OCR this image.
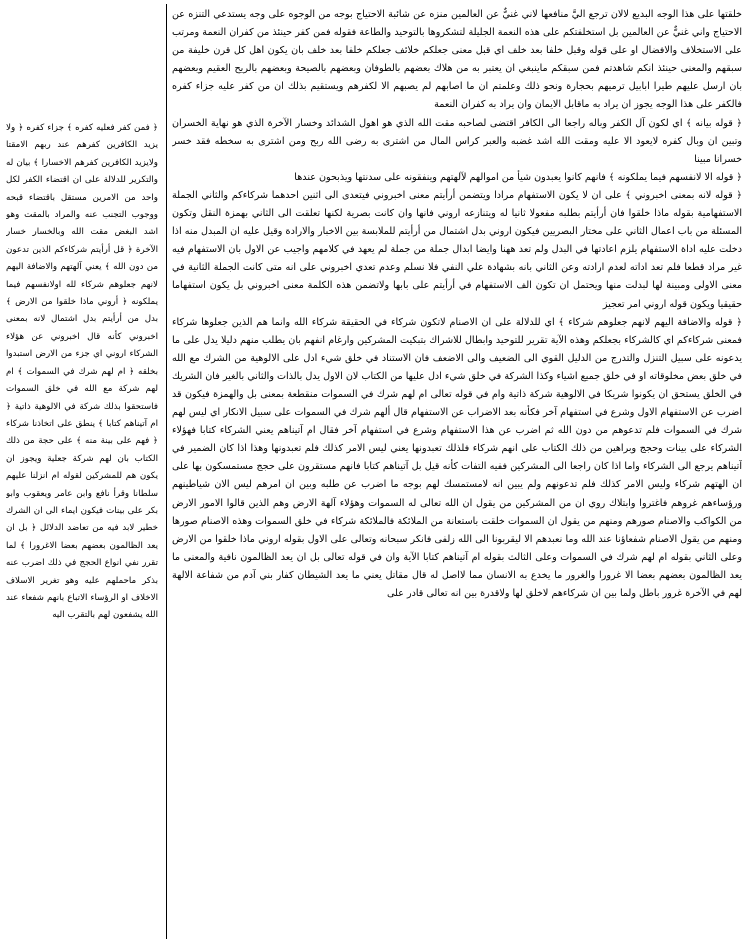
خلقتها على هذا الوجه البديع لالان ترجع اليَّ منافعها لاني غنيٌّ عن العالمين منزه عن شائبة الاحتياج بوجه من الوجوه على وجه يستدعي التنزه عن الاحتياج واني غنيٌّ عن العالمين بل استخلفتكم على هذه النعمة الجليلة لتشكروها بالتوحيد والطاعة فقوله فمن كفر حينئذ من كفران النعمة ومرتب على الاستخلاف والافضال او على قوله وقبل خلفا بعد خلف اي قبل معنى جعلكم خلائف جعلكم خلفا بعد خلف بان يكون اهل كل قرن خليفة من سبقهم والمعنى حينئذ انكم شاهدتم فمن سبقكم ماينبغي ان يعتبر به من هلاك بعضهم بالطوفان وبعضهم بالصيحة وبعضهم بالريح العقيم وبعضهم بان ارسل عليهم طيرا ابابيل ترميهم بحجارة ونحو ذلك وعلمتم ان ما اصابهم لم يصبهم الا لكفرهم ويستقيم بذلك ان من كفر عليه جزاء كفره فالكفر على هذا الوجه يجوز ان يراد به ماقابل الايمان وان يراد به كفران النعمة

﴿ قوله بيانه ﴾ اي لكون آل الكفر وباله راجعا الى الكافر اقتضى لصاحبه مقت الله الذي هو اهول الشدائد وخسار الآخرة الذي هو نهاية الخسران وتبين ان وبال كفره لايعود الا عليه ومقت الله اشد غضبه والعبر كراس المال من اشترى به رضى الله ربح ومن اشترى به سخطه فقد خسر خسرانا مبينا

﴿ قوله الا لانفسهم فيما يملكونه ﴾ فانهم كانوا يعبدون شيأ من اموالهم لآلهتهم وينفقونه على سدنتها ويذبحون عندها

﴿ قوله لانه بمعنى اخبروني ﴾ على ان لا يكون الاستفهام مرادا ويتضمن أرأيتم معنى اخبروني فيتعدى الى اثنين احدهما شركاءكم والثاني الجملة الاستفهامية بقوله ماذا خلقوا فان أرأيتم بطلبه مفعولا ثانيا له ويتنازعه اروني فانها وان كانت بصرية لكنها تعلقت الى الثاني بهمزة النقل وتكون المسئلة من باب اعمال الثاني على مختار البصريين فيكون اروني بدل اشتمال من أرأيتم للملابسة بين الاخبار والارادة وقيل عليه ان المبدل منه اذا دخلت عليه اداة الاستفهام يلزم اعادتها في البدل ولم تعد ههنا وايضا ابدال جملة من جملة لم يعهد في كلامهم واجيب عن الاول بان الاستفهام فيه غير مراد قطعا فلم تعد اداته لعدم ارادته وعن الثاني بانه بشهادة علي النفي فلا نسلم وعدم تعدي اخبروني على انه متى كانت الجملة الثانية في معنى الاولى ومبينة لها لبدلت منها ويحتمل ان تكون الف الاستفهام في أرأيتم على بابها ولاتضمن هذه الكلمة معنى اخبروني بل يكون استفهاما حقيقيا ويكون قوله اروني امر تعجيز

﴿ قوله والاضافة اليهم لانهم جعلوهم شركاء ﴾ اي للدلالة على ان الاصنام لاتكون شركاء في الحقيقة شركاء الله وانما هم الذين جعلوها شركاء فمعنى شركاءكم اي كالشركاء بجعلكم وهذه الآية تقرير للتوحيد وابطال للاشراك بتبكيت المشركين وارغام انفهم بان يطلب منهم دليلا يدل على ما يدعونه على سبيل التنزل والتدرج من الدليل القوي الى الضعيف والى الاضعف فان الاستناد في خلق شيء ادل على الالوهية من الشرك مع الله في خلق بعض مخلوقاته او في خلق جميع اشياء وكذا الشركة في خلق شيء ادل عليها من الكتاب لان الاول يدل بالذات والثاني بالغير فان الشريك في الخلق يستحق ان يكونوا شريكا في الالوهية شركة ذاتية وام في قوله تعالى ام لهم شرك في السموات منقطعة بمعنى بل والهمزة فيكون قد اضرب عن الاستفهام الاول وشرع في استفهام آخر فكأنه بعد الاضراب عن الاستفهام قال ألهم شرك في السموات على سبيل الانكار اي ليس لهم شرك في السموات فلم تدعوهم من دون الله ثم اضرب عن هذا الاستفهام وشرع في استفهام آخر فقال ام آتيناهم يعني الشركاء كتابا فهؤلاء الشركاء على بينات وحجج وبراهين من ذلك الكتاب على انهم شركاء فلذلك تعبدونها يعني ليس الامر كذلك فلم تعبدونها وهذا اذا كان الضمير في آتيناهم يرجع الى الشركاء واما اذا كان راجعا الى المشركين ففيه التفات كأنه قيل بل آتيناهم كتابا فانهم مستقرون على حجج مستمسكون بها على ان الهتهم شركاء وليس الامر كذلك فلم تدعونهم ولم يبين انه لامستمسك لهم بوجه ما اضرب عن طلبه وبين ان امرهم ليس الان شياطينهم ورؤساءهم غروهم فاغتروا وابتلاك روي ان من المشركين من يقول ان الله تعالى له السموات وهؤلاء آلهة الارض وهم الذين قالوا الامور الارض من الكواكب والاصنام صورهم ومنهم من يقول ان السموات خلقت باستعانة من الملائكة فالملائكة شركاء في خلق السموات وهذه الاصنام صورها ومنهم من يقول الاصنام شفعاؤنا عند الله وما نعبدهم الا ليقربونا الى الله زلفى فانكر سبحانه وتعالى على الاول بقوله اروني ماذا خلقوا من الارض وعلى الثاني بقوله ام لهم شرك في السموات وعلى الثالث بقوله ام آتيناهم كتابا الآية وان في قوله تعالى بل ان يعد الظالمون نافية والمعنى ما يعد الظالمون بعضهم بعضا الا غرورا والغرور ما يخدع به الانسان مما لااصل له قال مقاتل يعني ما يعد الشيطان كفار بني آدم من شفاعة الالهة لهم في الآخرة غرور باطل ولما بين ان شركاءهم لاخلق لها ولاقدرة بين انه تعالى قادر على

﴿ فمن كفر فعليه كفره ﴾ جزاء كفره ﴿ ولا يزيد الكافرين كفرهم عند ربهم الامقتا ولايزيد الكافرين كفرهم الاخسارا ﴾ بيان له والتكرير للدلالة على ان اقتضاء الكفر لكل واحد من الامرين مستقل باقتضاء قبحه ووجوب التجنب عنه والمراد بالمقت وهو اشد البغض مقت الله وبالخسار خسار الآخرة ﴿ قل أرأيتم شركاءكم الذين تدعون من دون الله ﴾ يعني آلهتهم والاضافة اليهم لانهم جعلوهم شركاء لله اولانفسهم فيما يملكونه ﴿ أروني ماذا خلقوا من الارض ﴾ بدل من أرأيتم بدل اشتمال لانه بمعنى اخبروني كأنه قال اخبروني عن هؤلاء الشركاء اروني اي جزء من الارض استبدوا بخلقه ﴿ ام لهم شرك في السموات ﴾ ام لهم شركة مع الله في خلق السموات فاستحقوا بذلك شركة في الالوهية ذاتية ﴿ ام آتيناهم كتابا ﴾ ينطق على اتخاذنا شركاء ﴿ فهم على بينة منه ﴾ على حجة من ذلك الكتاب بان لهم شركة جعلية ويجوز ان يكون هم للمشركين لقوله ام انزلنا عليهم سلطانا وقرأ نافع وابن عامر ويعقوب وابو بكر على بينات فيكون ايماء الى ان الشرك خطير لابد فيه من تعاضد الدلائل ﴿ بل ان يعد الظالمون بعضهم بعضا الاغرورا ﴾ لما تقرر نفي انواع الحجج في ذلك اضرب عنه بذكر ماحملهم عليه وهو تغرير الاسلاف الاخلاف او الرؤساء الاتباع بانهم شفعاء عند الله يشفعون لهم بالتقرب اليه
